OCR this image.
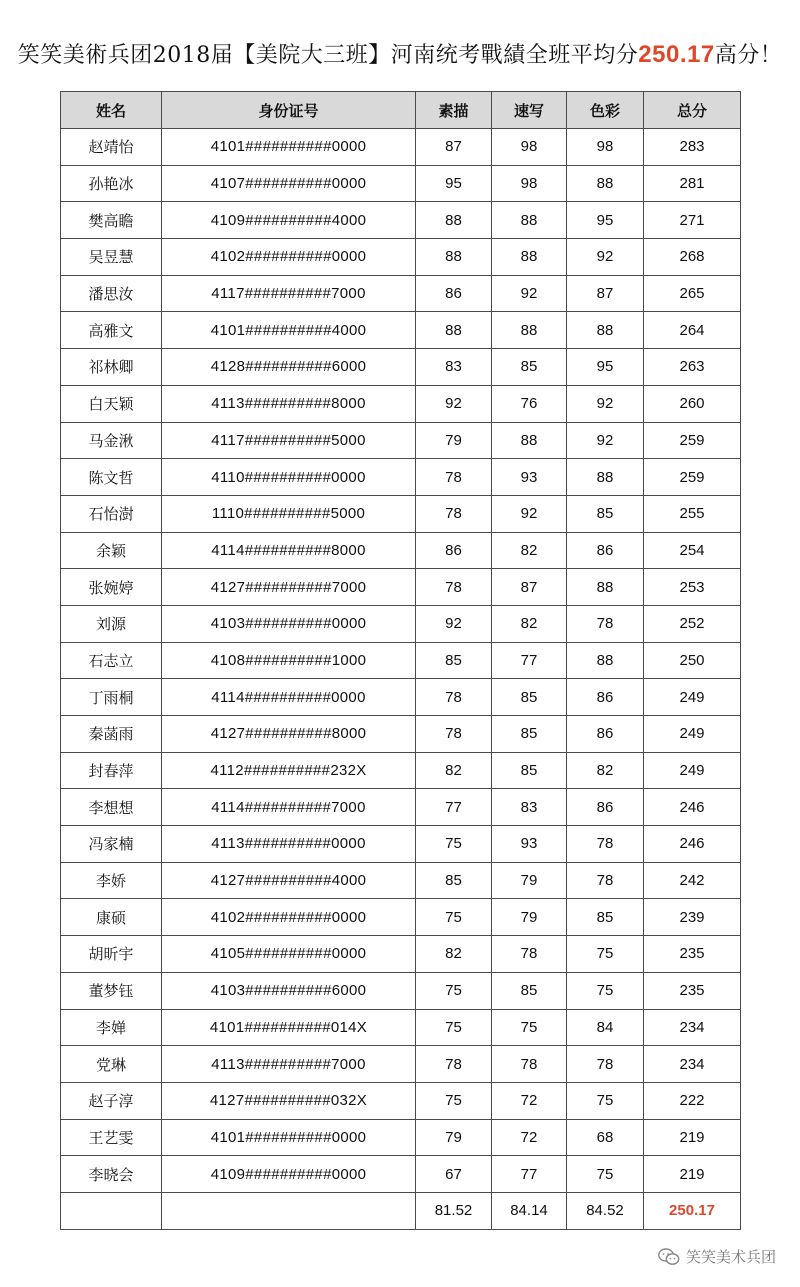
笑笑美術兵团2018届【美院大三班】河南统考戰績全班平均分250.17高分！
姓名	身份证号	素描	速写	色彩	总分
赵靖怡	4101##########0000	87	98	98	283
孙艳冰	4107##########0000	95	98	88	281
樊高瞻	4109##########4000	88	88	95	271
吴昱慧	4102##########0000	88	88	92	268
潘思汝	4117##########7000	86	92	87	265
高雅文	4101##########4000	88	88	88	264
祁林卿	4128##########6000	83	85	95	263
白天颖	4113##########8000	92	76	92	260
马金湫	4117##########5000	79	88	92	259
陈文哲	4110##########0000	78	93	88	259
石怡澍	1110##########5000	78	92	85	255
余颖	4114##########8000	86	82	86	254
张婉婷	4127##########7000	78	87	88	253
刘源	4103##########0000	92	82	78	252
石志立	4108##########1000	85	77	88	250
丁雨桐	4114##########0000	78	85	86	249
秦菡雨	4127##########8000	78	85	86	249
封春萍	4112##########232X	82	85	82	249
李想想	4114##########7000	77	83	86	246
冯家楠	4113##########0000	75	93	78	246
李娇	4127##########4000	85	79	78	242
康硕	4102##########0000	75	79	85	239
胡昕宇	4105##########0000	82	78	75	235
董梦钰	4103##########6000	75	85	75	235
李婵	4101##########014X	75	75	84	234
党琳	4113##########7000	78	78	78	234
赵子淳	4127##########032X	75	72	75	222
王艺雯	4101##########0000	79	72	68	219
李晓会	4109##########0000	67	77	75	219
		81.52	84.14	84.52	250.17
笑笑美术兵团
